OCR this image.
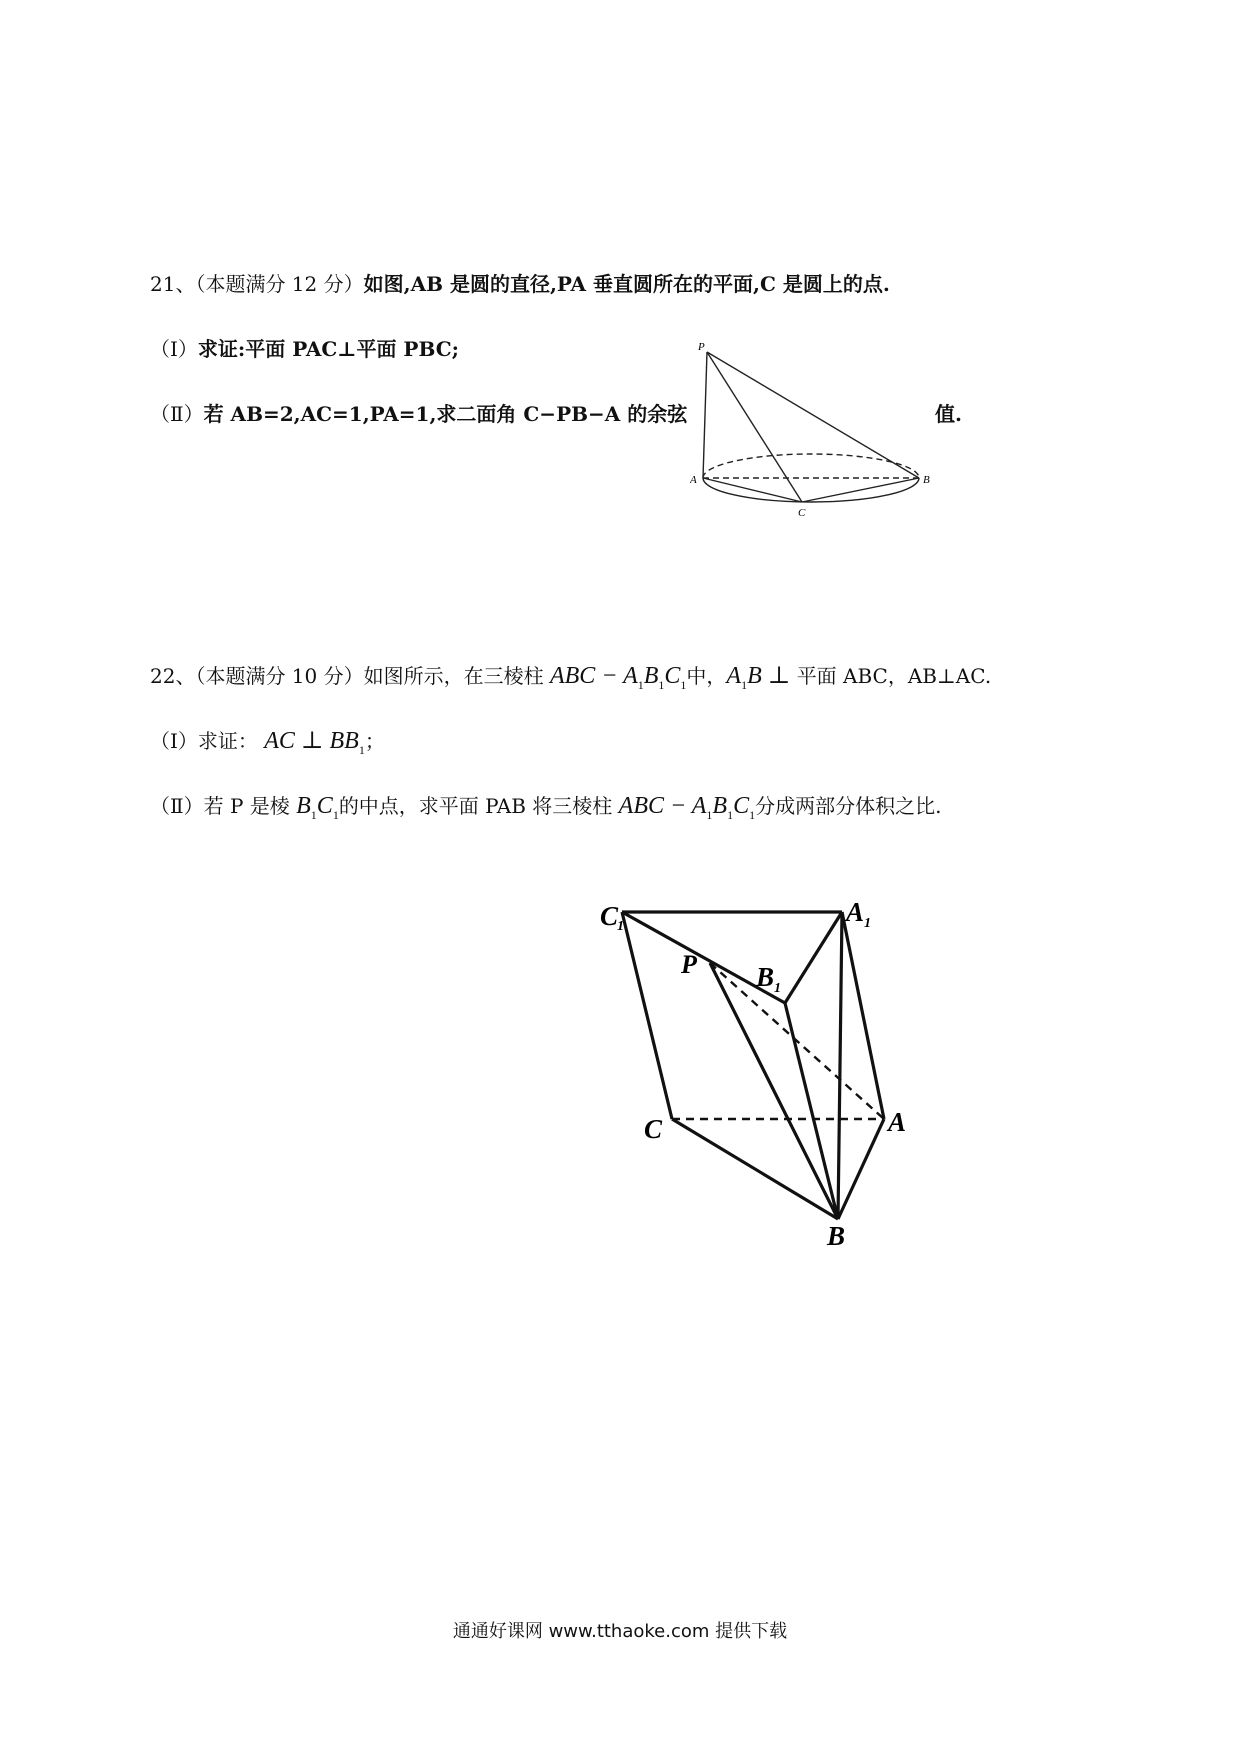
21、（本题满分 12 分）如图,AB 是圆的直径,PA 垂直圆所在的平面,C 是圆上的点.
（Ⅰ）求证:平面 PAC⊥平面 PBC;
（Ⅱ）若 AB=2,AC=1,PA=1,求二面角 C−PB−A 的余弦	值.
P
A	B
C
22、（本题满分 10 分）如图所示，在三棱柱 ABC − $A_1B_1C_1$中，$A_1B$ ⊥ 平面 ABC，AB⊥AC.
（Ⅰ）求证： AC ⊥ $BB_1$；
（Ⅱ）若 P 是棱 $B_1C_1$的中点，求平面 PAB 将三棱柱 ABC − $A_1B_1C_1$分成两部分体积之比.
C
1	A 1
P B 1
C	A
B
通通好课网 www.tthaoke.com 提供下载
